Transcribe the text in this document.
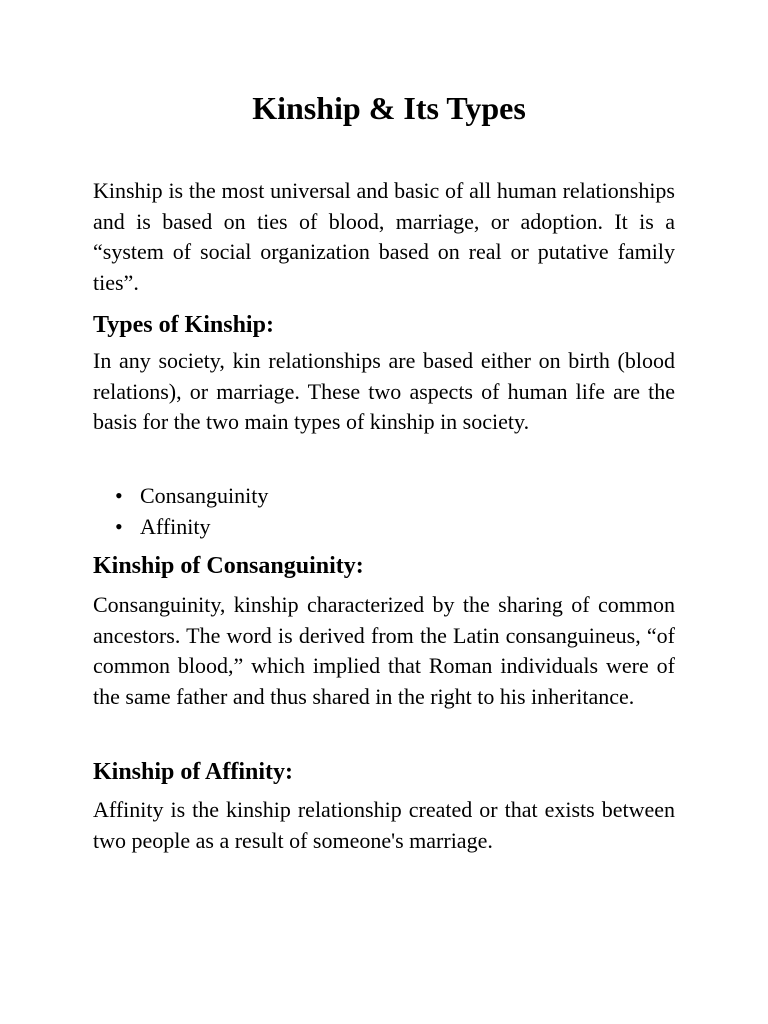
Kinship & Its Types

Kinship is the most universal and basic of all human relationships and is based on ties of blood, marriage, or adoption. It is a “system of social organization based on real or putative family ties”.

Types of Kinship:

In any society, kin relationships are based either on birth (blood relations), or marriage. These two aspects of human life are the basis for the two main types of kinship in society.

• Consanguinity
• Affinity
Kinship of Consanguinity:

Consanguinity, kinship characterized by the sharing of common ancestors. The word is derived from the Latin consanguineus, “of common blood,” which implied that Roman individuals were of the same father and thus shared in the right to his inheritance.

Kinship of Affinity:

Affinity is the kinship relationship created or that exists between two people as a result of someone's marriage.
